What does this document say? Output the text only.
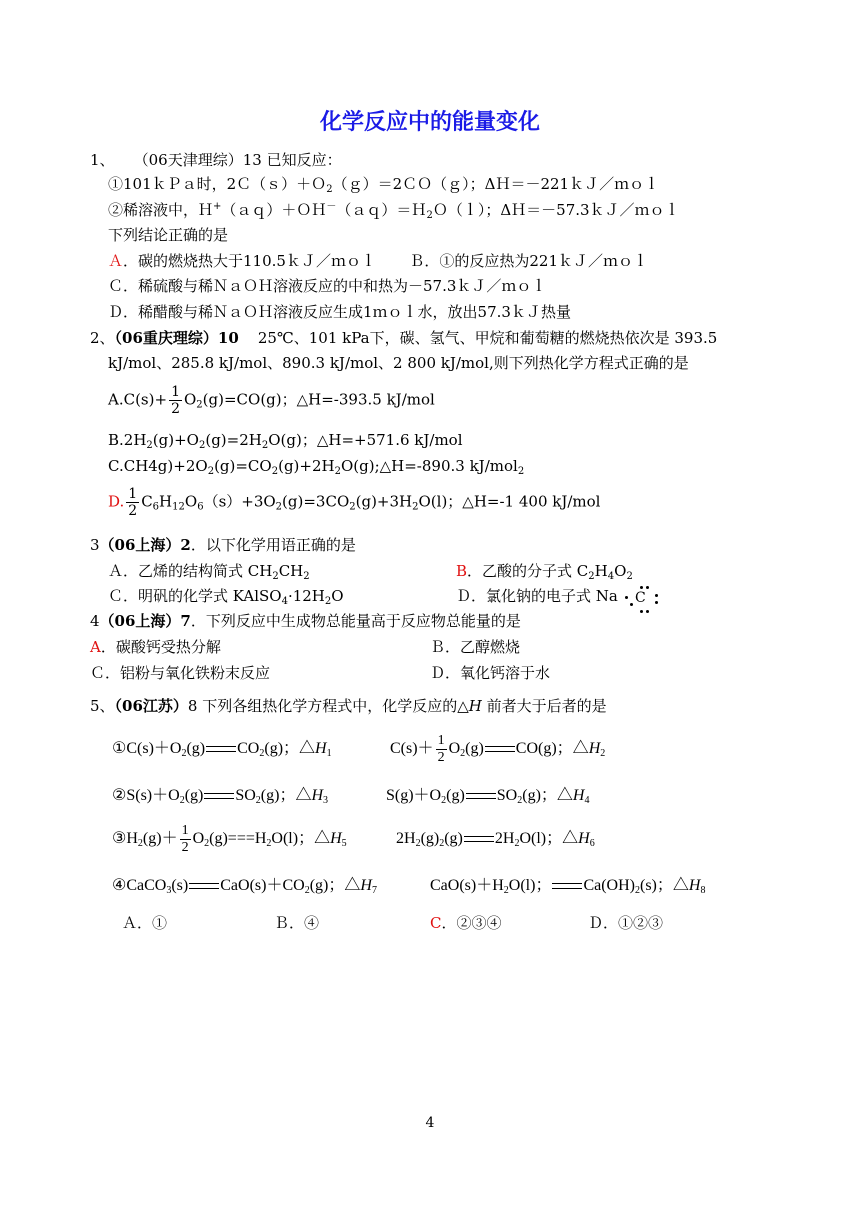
化学反应中的能量变化
1、 （06天津理综）13 已知反应：
①101ｋＰａ时，2Ｃ（ｓ）＋Ｏ$_2$（ｇ）＝2ＣＯ（ｇ）；ΔＨ＝－221ｋＪ／ｍｏｌ
②稀溶液中，Ｈ+（ａｑ）＋ＯＨ－（ａｑ）＝Ｈ$_2$Ｏ（ｌ）；ΔＨ＝－57.3ｋＪ／ｍｏｌ
下列结论正确的是
Ａ．碳的燃烧热大于110.5ｋＪ／ｍｏｌ Ｂ．①的反应热为221ｋＪ／ｍｏｌ
Ｃ．稀硫酸与稀ＮａＯＨ溶液反应的中和热为－57.3ｋＪ／ｍｏｌ
Ｄ．稀醋酸与稀ＮａＯＨ溶液反应生成1ｍｏｌ水，放出57.3ｋＪ热量
2、（06重庆理综）10 25℃、101 kPa下，碳、氢气、甲烷和葡萄糖的燃烧热依次是 393.5
kJ/mol、285.8 kJ/mol、890.3 kJ/mol、2 800 kJ/mol,则下列热化学方程式正确的是
$A.C(s)+ \frac{1}{2} O_2(g)=CO(g)$；△H=-393.5 kJ/mol
$B.2H_2(g)+O_2(g)=2H_2O(g)$；△H=+571.6 kJ/mol
$C.CH4g)+2O_2(g)=CO_2(g)+2H_2O(g);\triangle H=-890.3$ kJ/mol$_2$
D. $\frac{1}{2} C_6H_{12}O_6(s)+3O_2(g)=3CO_2(g)+3H_2O(l)$；△H=-1 400 kJ/mol
3（06上海）2．以下化学用语正确的是
Ａ．乙烯的结构简式 $CH_2CH_2$	B．乙酸的分子式 $C_2H_4O_2$
Ｃ．明矾的化学式 $KAlSO_4\cdot 12H_2O$	Ｄ．氯化钠的电子式 Na C
4（06上海）7．下列反应中生成物总能量高于反应物总能量的是
A．碳酸钙受热分解	Ｂ．乙醇燃烧
Ｃ．铝粉与氧化铁粉末反应	Ｄ．氧化钙溶于水
5、（06江苏）8 下列各组热化学方程式中，化学反应的△H 前者大于后者的是
$①C(s)+O_2(g)$ $CO_2(g)$；$\triangle H_1$	$C(s)+ \frac{1}{2} O_2(g)$ CO(g)；$\triangle H_2$
$②S(s)+O_2(g)$ $SO_2(g)$；$\triangle H_3$	$S(g)+O_2(g)$ $SO_2(g)$；$\triangle H_4$
$③H_2(g)+ \frac{1}{2} O_2(g)===H_2O(l)$；$\triangle H_5$	$2H_2(g)_2(g)$ $2H_2O(l)$；$\triangle H_6$
④CaCO$_3$(s) $CaO(s)+CO_2(g)$；$\triangle H_7$	$CaO(s)+H_2O(l)$； $Ca(OH)_2(s)$；$\triangle H_8$
Ａ．①	Ｂ．④	C．②③④	Ｄ．①②③
4
